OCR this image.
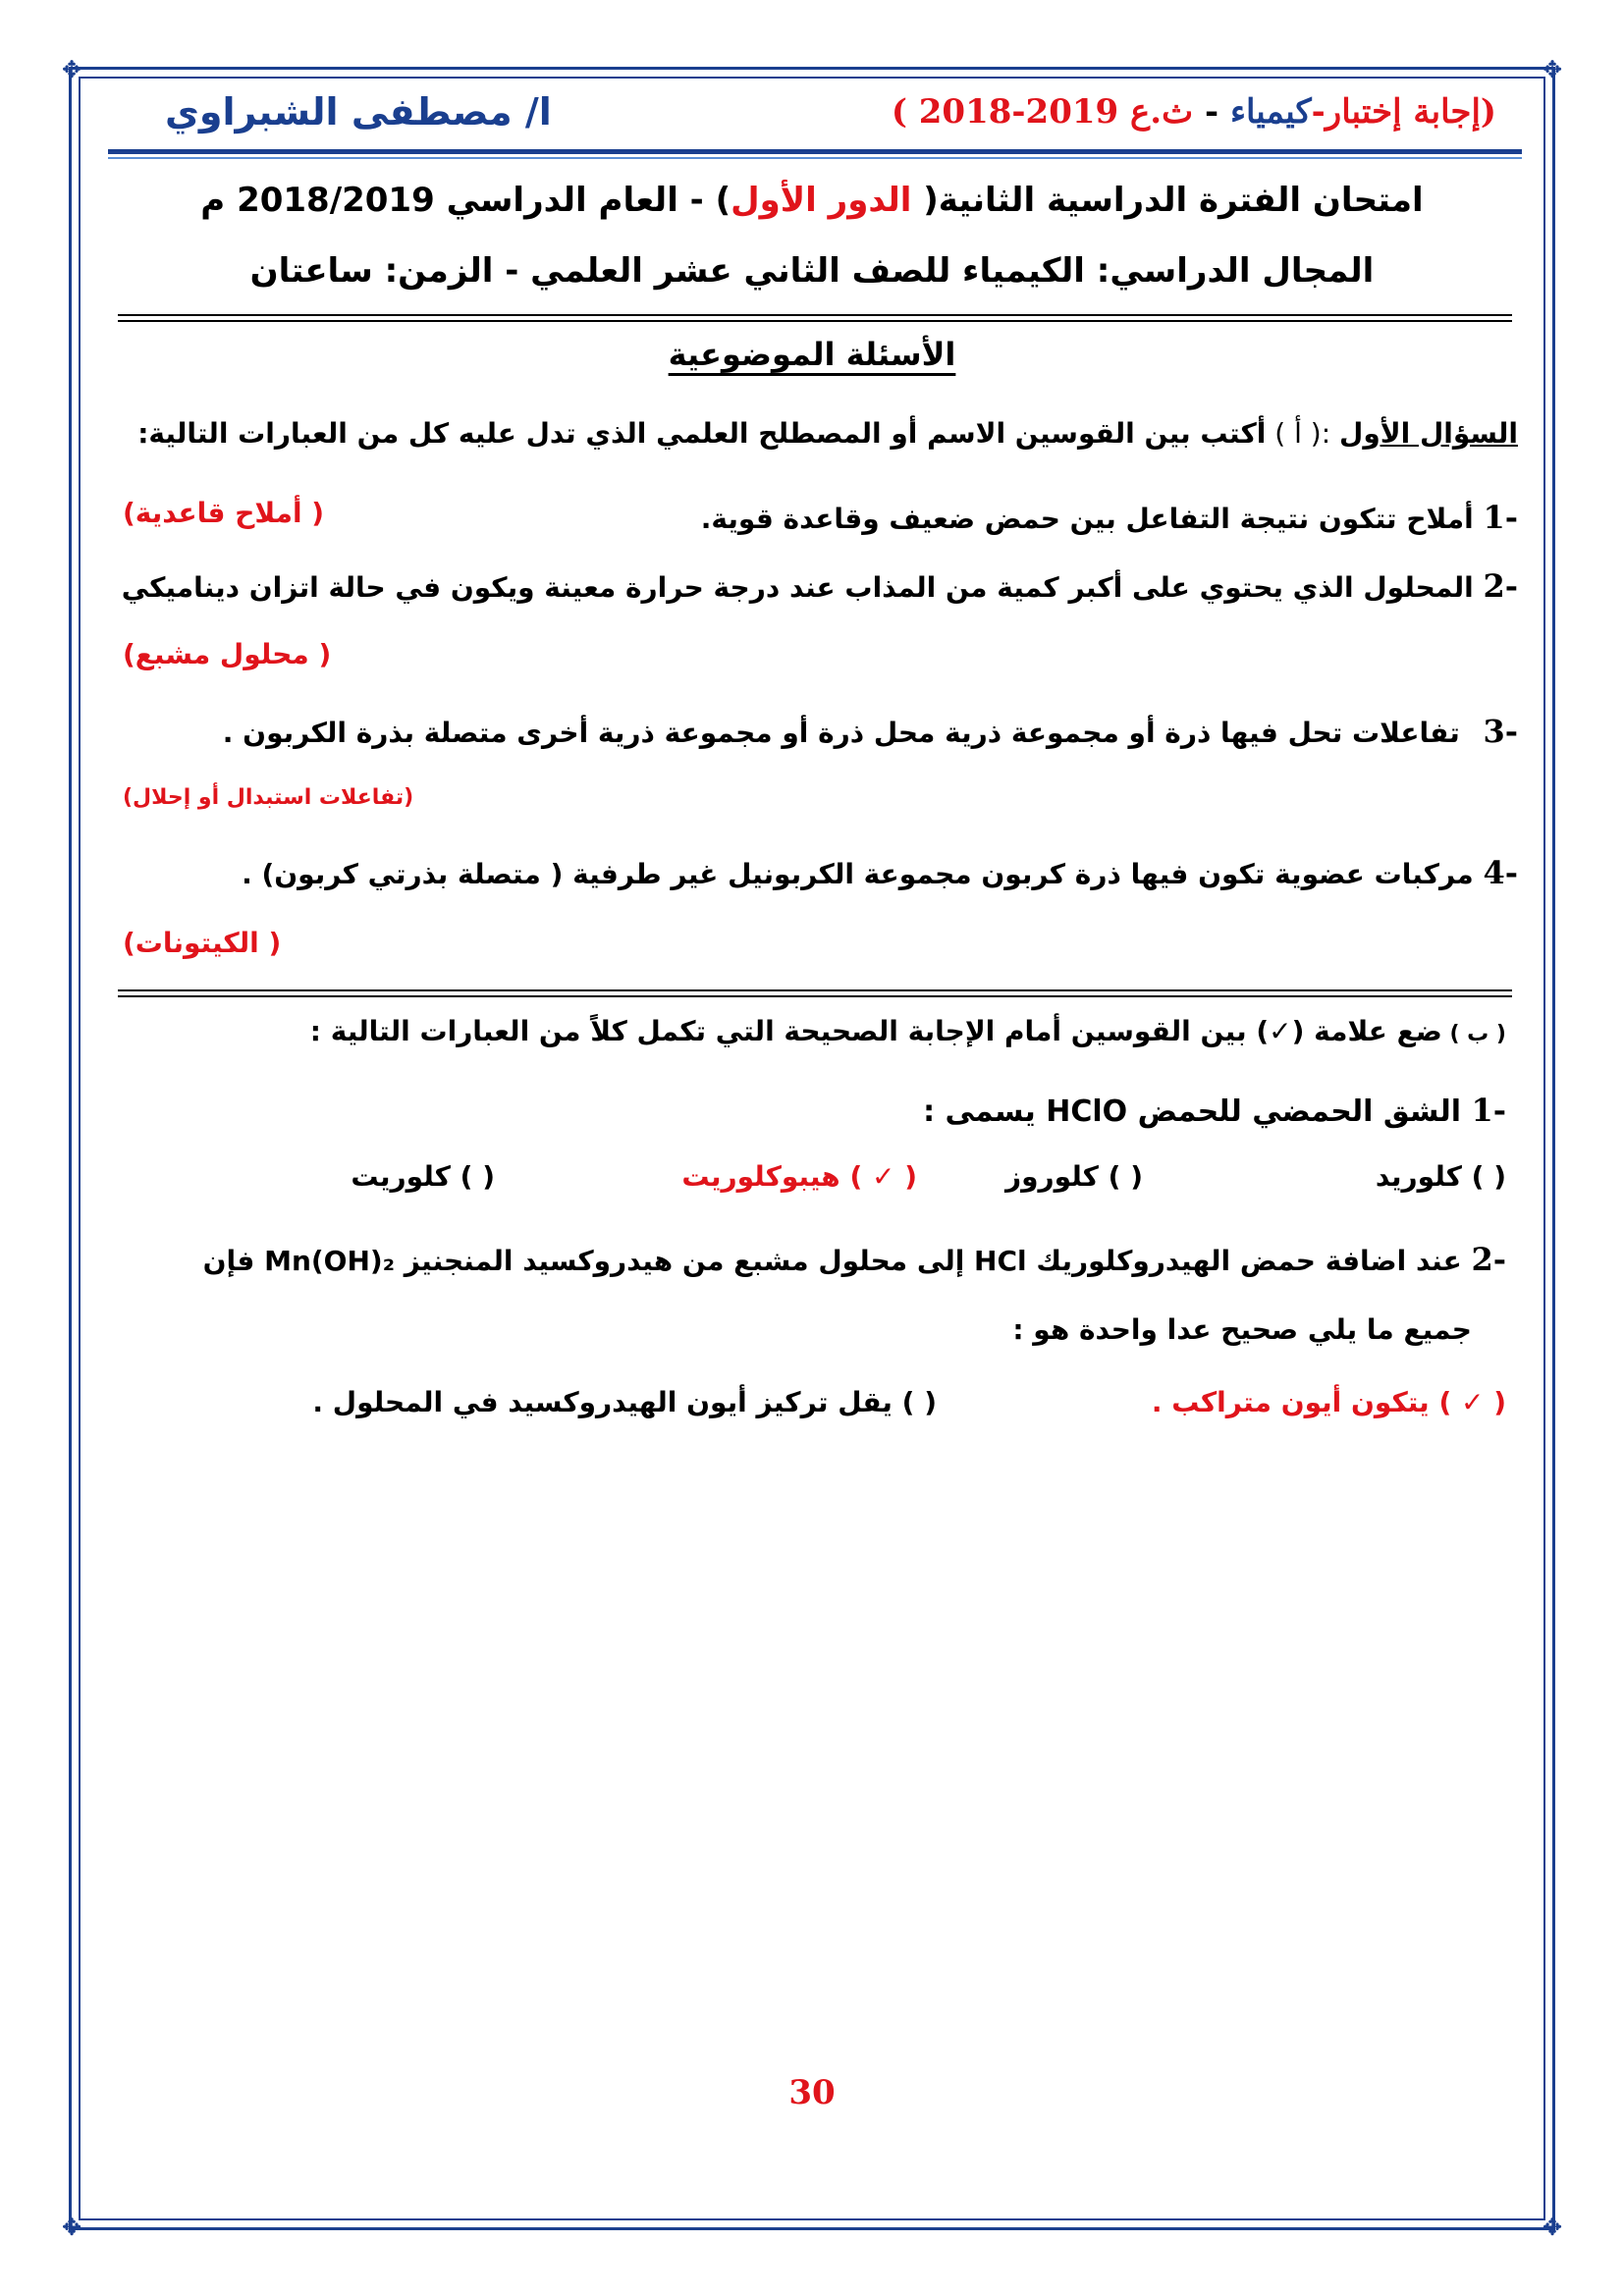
✥	✥
✥	✥
(إجابة إختبار-كيمياء - ث.ع 2019-2018 )
ا/ مصطفى الشبراوي
امتحان الفترة الدراسية الثانية( الدور الأول) - العام الدراسي 2018/2019 م
المجال الدراسي: الكيمياء للصف الثاني عشر العلمي - الزمن: ساعتان
الأسئلة الموضوعية
السؤال الأول :( أ ) أكتب بين القوسين الاسم أو المصطلح العلمي الذي تدل عليه كل من العبارات التالية:
-1 أملاح تتكون نتيجة التفاعل بين حمض ضعيف وقاعدة قوية.
( أملاح قاعدية)
-2 المحلول الذي يحتوي على أكبر كمية من المذاب عند درجة حرارة معينة ويكون في حالة اتزان ديناميكي
( محلول مشبع)
-3 تفاعلات تحل فيها ذرة أو مجموعة ذرية محل ذرة أو مجموعة ذرية أخرى متصلة بذرة الكربون .
(تفاعلات استبدال أو إحلال)
-4 مركبات عضوية تكون فيها ذرة كربون مجموعة الكربونيل غير طرفية ( متصلة بذرتي كربون) .
( الكيتونات)
( ب ) ضع علامة (✓) بين القوسين أمام الإجابة الصحيحة التي تكمل كلاً من العبارات التالية :
-1 الشق الحمضي للحمض HClO يسمى :
( ) كلوريد
( ) كلوروز
( ✓ ) هيبوكلوريت
( ) كلوريت
-2 عند اضافة حمض الهيدروكلوريك HCl إلى محلول مشبع من هيدروكسيد المنجنيز Mn(OH)₂ فإن
جميع ما يلي صحيح عدا واحدة هو :
( ✓ ) يتكون أيون متراكب .
( ) يقل تركيز أيون الهيدروكسيد في المحلول .
30
